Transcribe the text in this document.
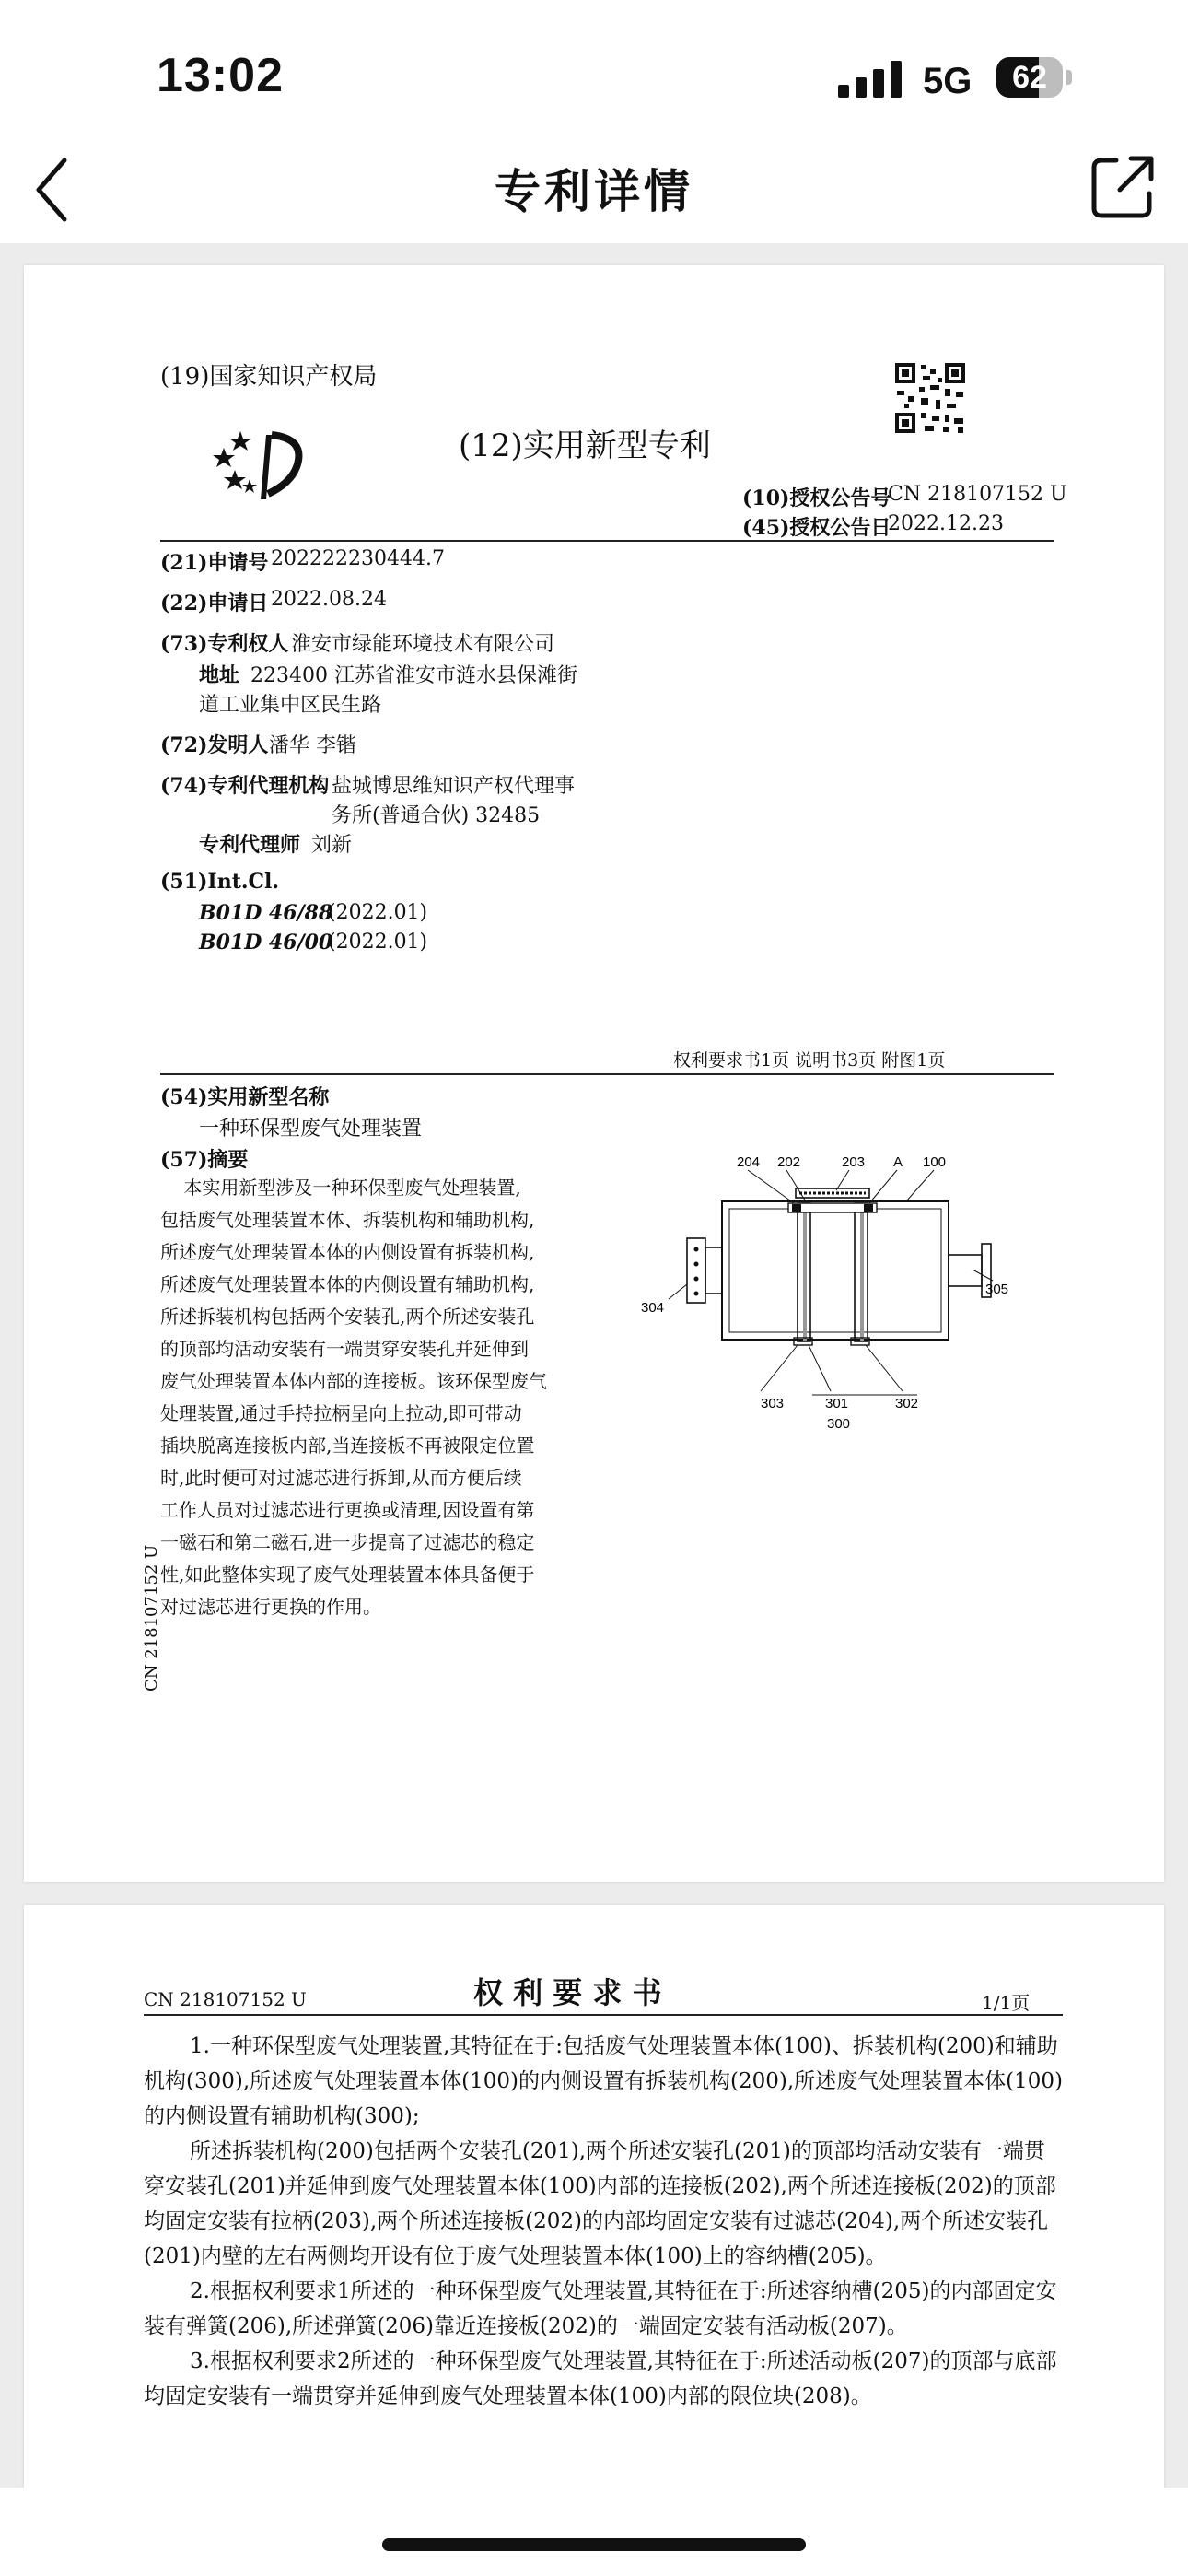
13:02	5G	62
专利详情
(19)国家知识产权局
(12)实用新型专利
(10)授权公告号
CN 218107152 U
(45)授权公告日
2022.12.23
(21)申请号 202222230444.7
(22)申请日 2022.08.24
(73)专利权人 淮安市绿能环境技术有限公司
地址 223400 江苏省淮安市涟水县保滩街
道工业集中区民生路
(72)发明人 潘华 李锴
(74)专利代理机构 盐城博思维知识产权代理事
务所(普通合伙) 32485
专利代理师 刘新
(51)Int.Cl.
B01D 46/88
(2022.01)
B01D 46/00
(2022.01)
权利要求书1页 说明书3页 附图1页
(54)实用新型名称
一种环保型废气处理装置
(57)摘要
本实用新型涉及一种环保型废气处理装置,
包括废气处理装置本体、拆装机构和辅助机构,
所述废气处理装置本体的内侧设置有拆装机构,
所述废气处理装置本体的内侧设置有辅助机构,
所述拆装机构包括两个安装孔,两个所述安装孔
的顶部均活动安装有一端贯穿安装孔并延伸到
废气处理装置本体内部的连接板。该环保型废气
处理装置,通过手持拉柄呈向上拉动,即可带动
插块脱离连接板内部,当连接板不再被限定位置
时,此时便可对过滤芯进行拆卸,从而方便后续
工作人员对过滤芯进行更换或清理,因设置有第
一磁石和第二磁石,进一步提高了过滤芯的稳定
性,如此整体实现了废气处理装置本体具备便于
对过滤芯进行更换的作用。
CN 218107152 U
204 202	203 A 100
304
305
303	301	302
300
CN 218107152 U	权 利 要 求 书	1/1页

1.一种环保型废气处理装置,其特征在于:包括废气处理装置本体(100)、拆装机构(200)和辅助机构(300),所述废气处理装置本体(100)的内侧设置有拆装机构(200),所述废气处理装置本体(100)的内侧设置有辅助机构(300);

所述拆装机构(200)包括两个安装孔(201),两个所述安装孔(201)的顶部均活动安装有一端贯穿安装孔(201)并延伸到废气处理装置本体(100)内部的连接板(202),两个所述连接板(202)的顶部均固定安装有拉柄(203),两个所述连接板(202)的内部均固定安装有过滤芯(204),两个所述安装孔(201)内壁的左右两侧均开设有位于废气处理装置本体(100)上的容纳槽(205)。

2.根据权利要求1所述的一种环保型废气处理装置,其特征在于:所述容纳槽(205)的内部固定安装有弹簧(206),所述弹簧(206)靠近连接板(202)的一端固定安装有活动板(207)。

3.根据权利要求2所述的一种环保型废气处理装置,其特征在于:所述活动板(207)的顶部与底部均固定安装有一端贯穿并延伸到废气处理装置本体(100)内部的限位块(208)。
